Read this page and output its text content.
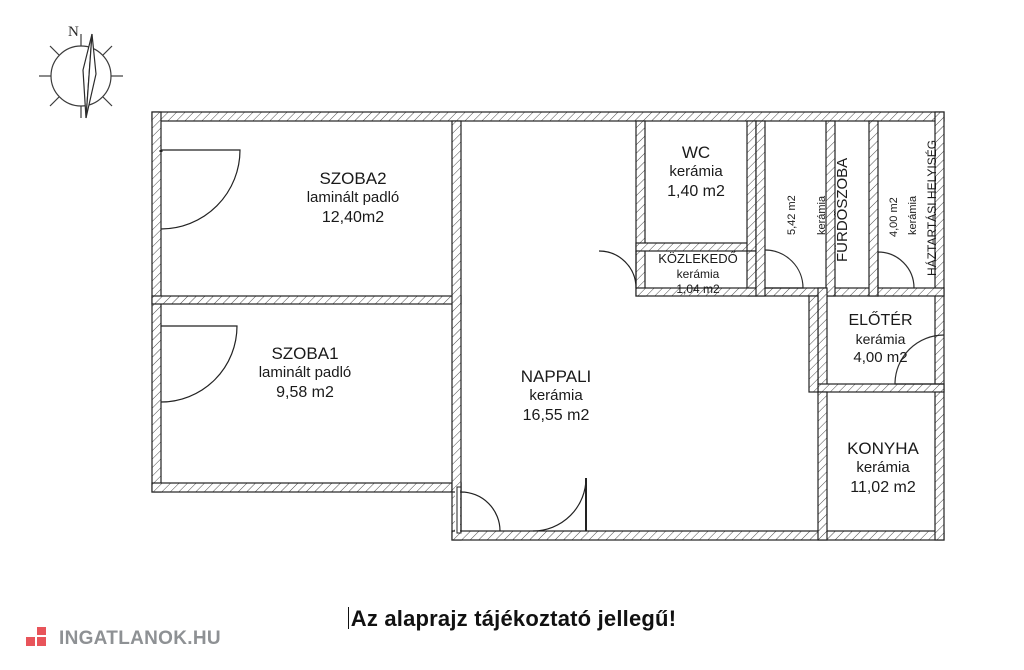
SZOBA2
laminált padló
12,40m2
SZOBA1
laminált padló
9,58 m2
NAPPALI
kerámia
16,55 m2
WC
kerámia
1,40 m2
KÖZLEKEDŐ
kerámia
1,04 m2
FÜRDŐSZOBA
kerámia
5,42 m2	HÁZTARTÁSI HELYISÉG
kerámia
4,00 m2
ELŐTÉR
kerámia
4,00 m2
KONYHA
kerámia
11,02 m2
N
Az alaprajz tájékoztató jellegű!
INGATLANOK.HU
